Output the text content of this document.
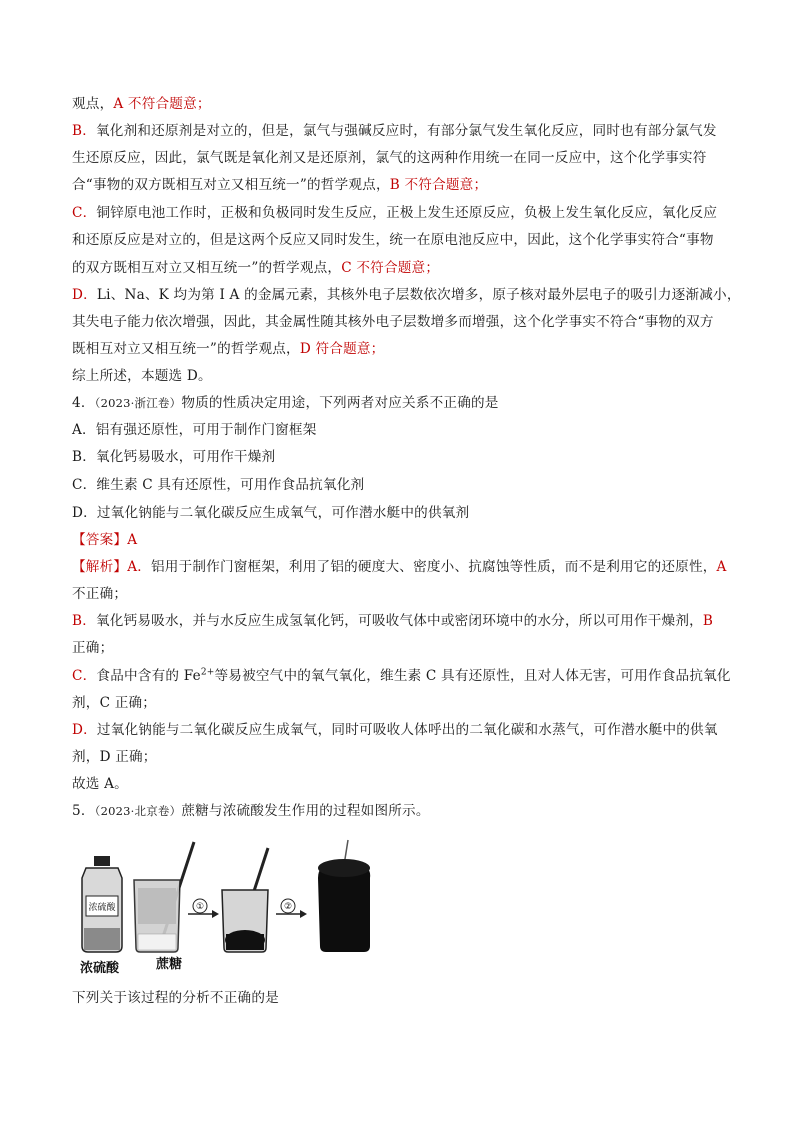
观点，A 不符合题意；
B．氧化剂和还原剂是对立的，但是，氯气与强碱反应时，有部分氯气发生氧化反应，同时也有部分氯气发
生还原反应，因此，氯气既是氧化剂又是还原剂，氯气的这两种作用统一在同一反应中，这个化学事实符
合“事物的双方既相互对立又相互统一”的哲学观点，B 不符合题意；
C．铜锌原电池工作时，正极和负极同时发生反应，正极上发生还原反应，负极上发生氧化反应，氧化反应
和还原反应是对立的，但是这两个反应又同时发生，统一在原电池反应中，因此，这个化学事实符合“事物
的双方既相互对立又相互统一”的哲学观点，C 不符合题意；
D．Li、Na、K 均为第 I A 的金属元素，其核外电子层数依次增多，原子核对最外层电子的吸引力逐渐减小，
其失电子能力依次增强，因此，其金属性随其核外电子层数增多而增强，这个化学事实不符合“事物的双方
既相互对立又相互统一”的哲学观点，D 符合题意；
综上所述，本题选 D。
4．（2023·浙江卷）物质的性质决定用途，下列两者对应关系不正确的是
A．铝有强还原性，可用于制作门窗框架
B．氧化钙易吸水，可用作干燥剂
C．维生素 C 具有还原性，可用作食品抗氧化剂
D．过氧化钠能与二氧化碳反应生成氧气，可作潜水艇中的供氧剂
【答案】A
【解析】A．铝用于制作门窗框架，利用了铝的硬度大、密度小、抗腐蚀等性质，而不是利用它的还原性，A
不正确；
B．氧化钙易吸水，并与水反应生成氢氧化钙，可吸收气体中或密闭环境中的水分，所以可用作干燥剂，B
正确；
C．食品中含有的 $Fe^{2+}$等易被空气中的氧气氧化，维生素 C 具有还原性，且对人体无害，可用作食品抗氧化
剂，C 正确；
D．过氧化钠能与二氧化碳反应生成氧气，同时可吸收人体呼出的二氧化碳和水蒸气，可作潜水艇中的供氧
剂，D 正确；
故选 A。
5．（2023·北京卷）蔗糖与浓硫酸发生作用的过程如图所示。
浓硫酸
浓硫酸	蔗糖
①	②
下列关于该过程的分析不正确的是
